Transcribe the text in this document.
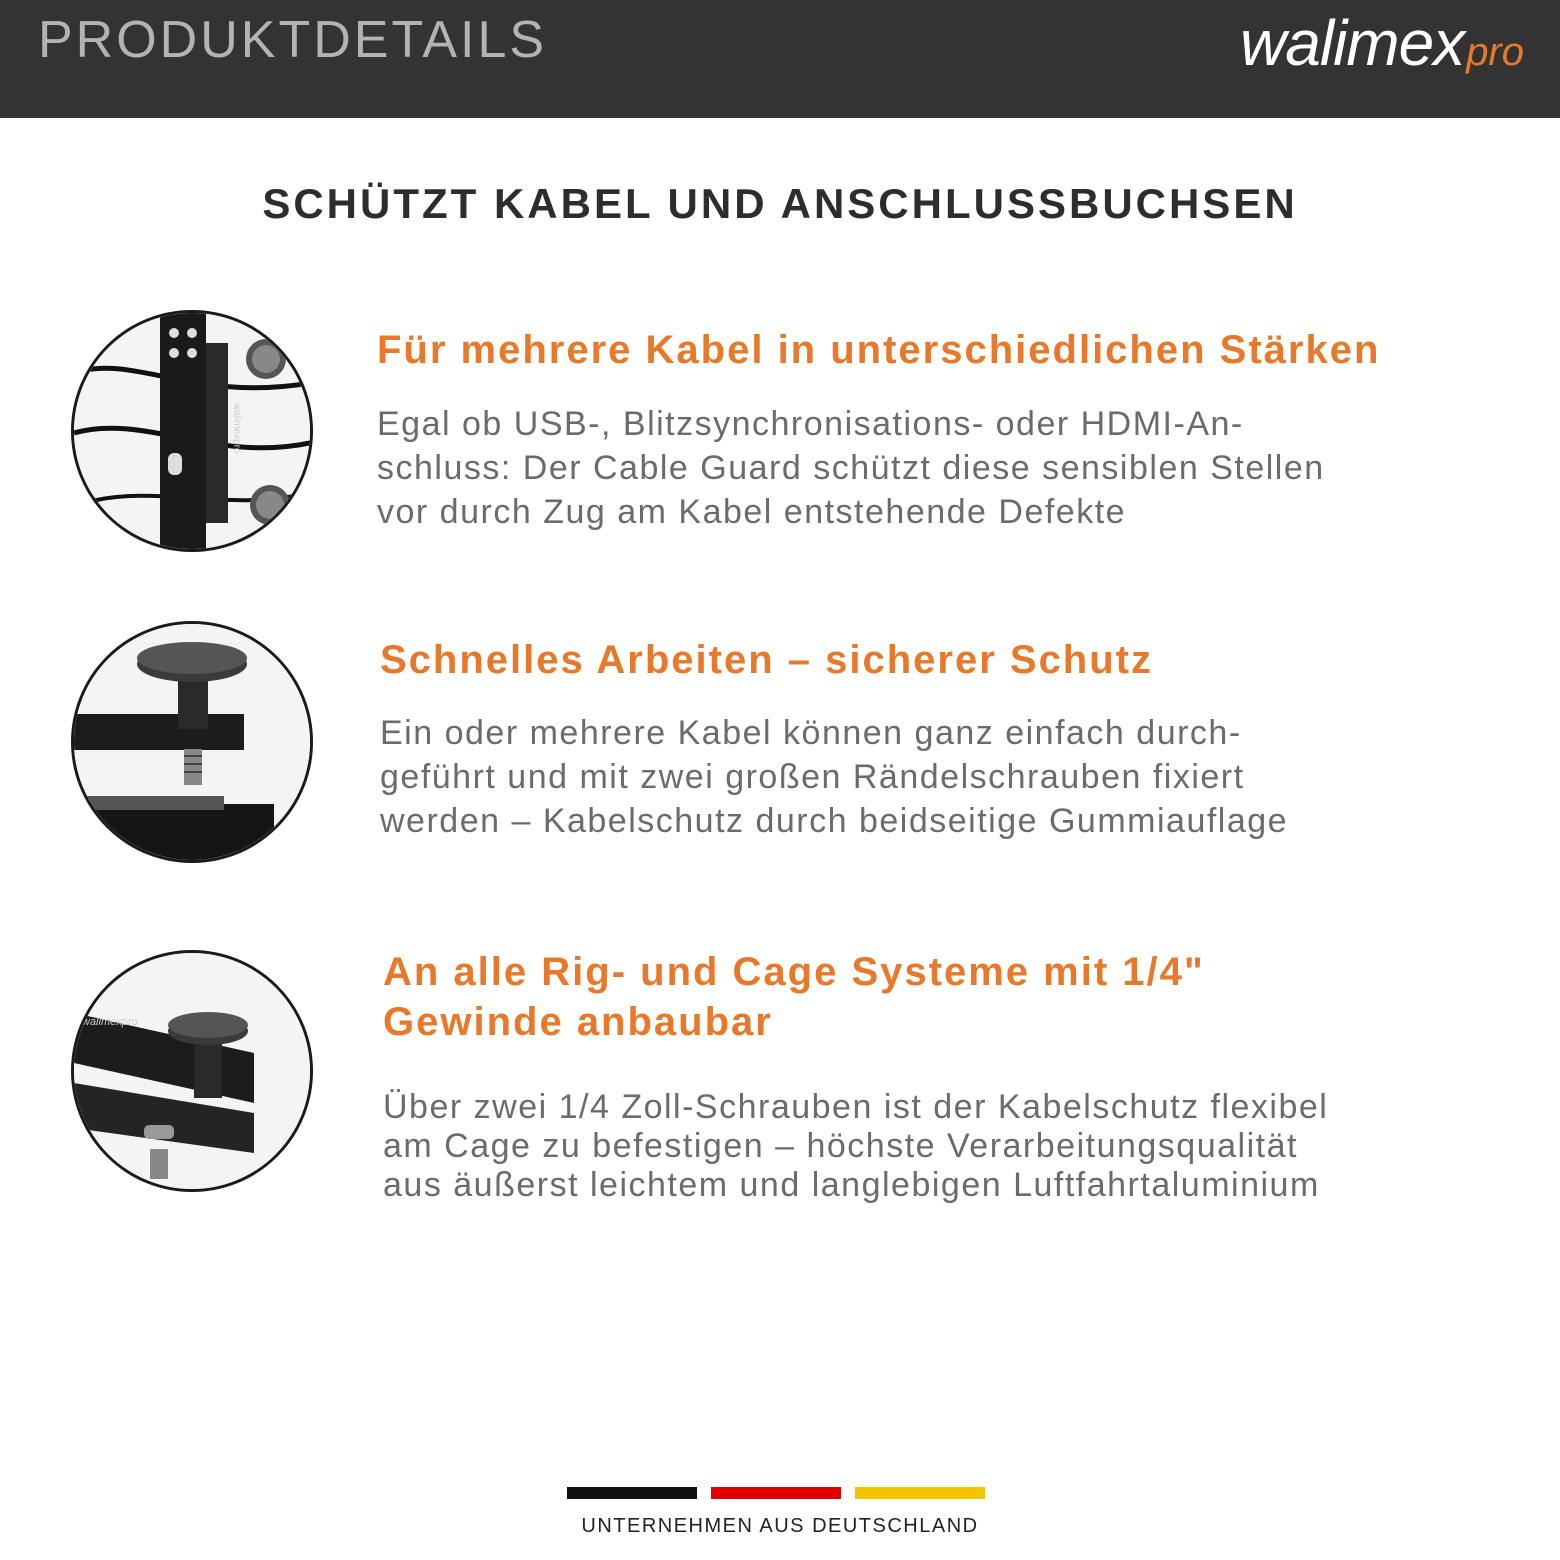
PRODUKTDETAILS	walimex pro
SCHÜTZT KABEL UND ANSCHLUSSBUCHSEN
walimexpro
Für mehrere Kabel in unterschiedlichen Stärken
Egal ob USB-, Blitzsynchronisations- oder HDMI-An-
schluss: Der Cable Guard schützt diese sensiblen Stellen
vor durch Zug am Kabel entstehende Defekte
Schnelles Arbeiten – sicherer Schutz
Ein oder mehrere Kabel können ganz einfach durch-
geführt und mit zwei großen Rändelschrauben fixiert
werden – Kabelschutz durch beidseitige Gummiauflage
walimexpro
An alle Rig- und Cage Systeme mit 1/4"
Gewinde anbaubar
Über zwei 1/4 Zoll-Schrauben ist der Kabelschutz flexibel
am Cage zu befestigen – höchste Verarbeitungsqualität
aus äußerst leichtem und langlebigen Luftfahrtaluminium
UNTERNEHMEN AUS DEUTSCHLAND
